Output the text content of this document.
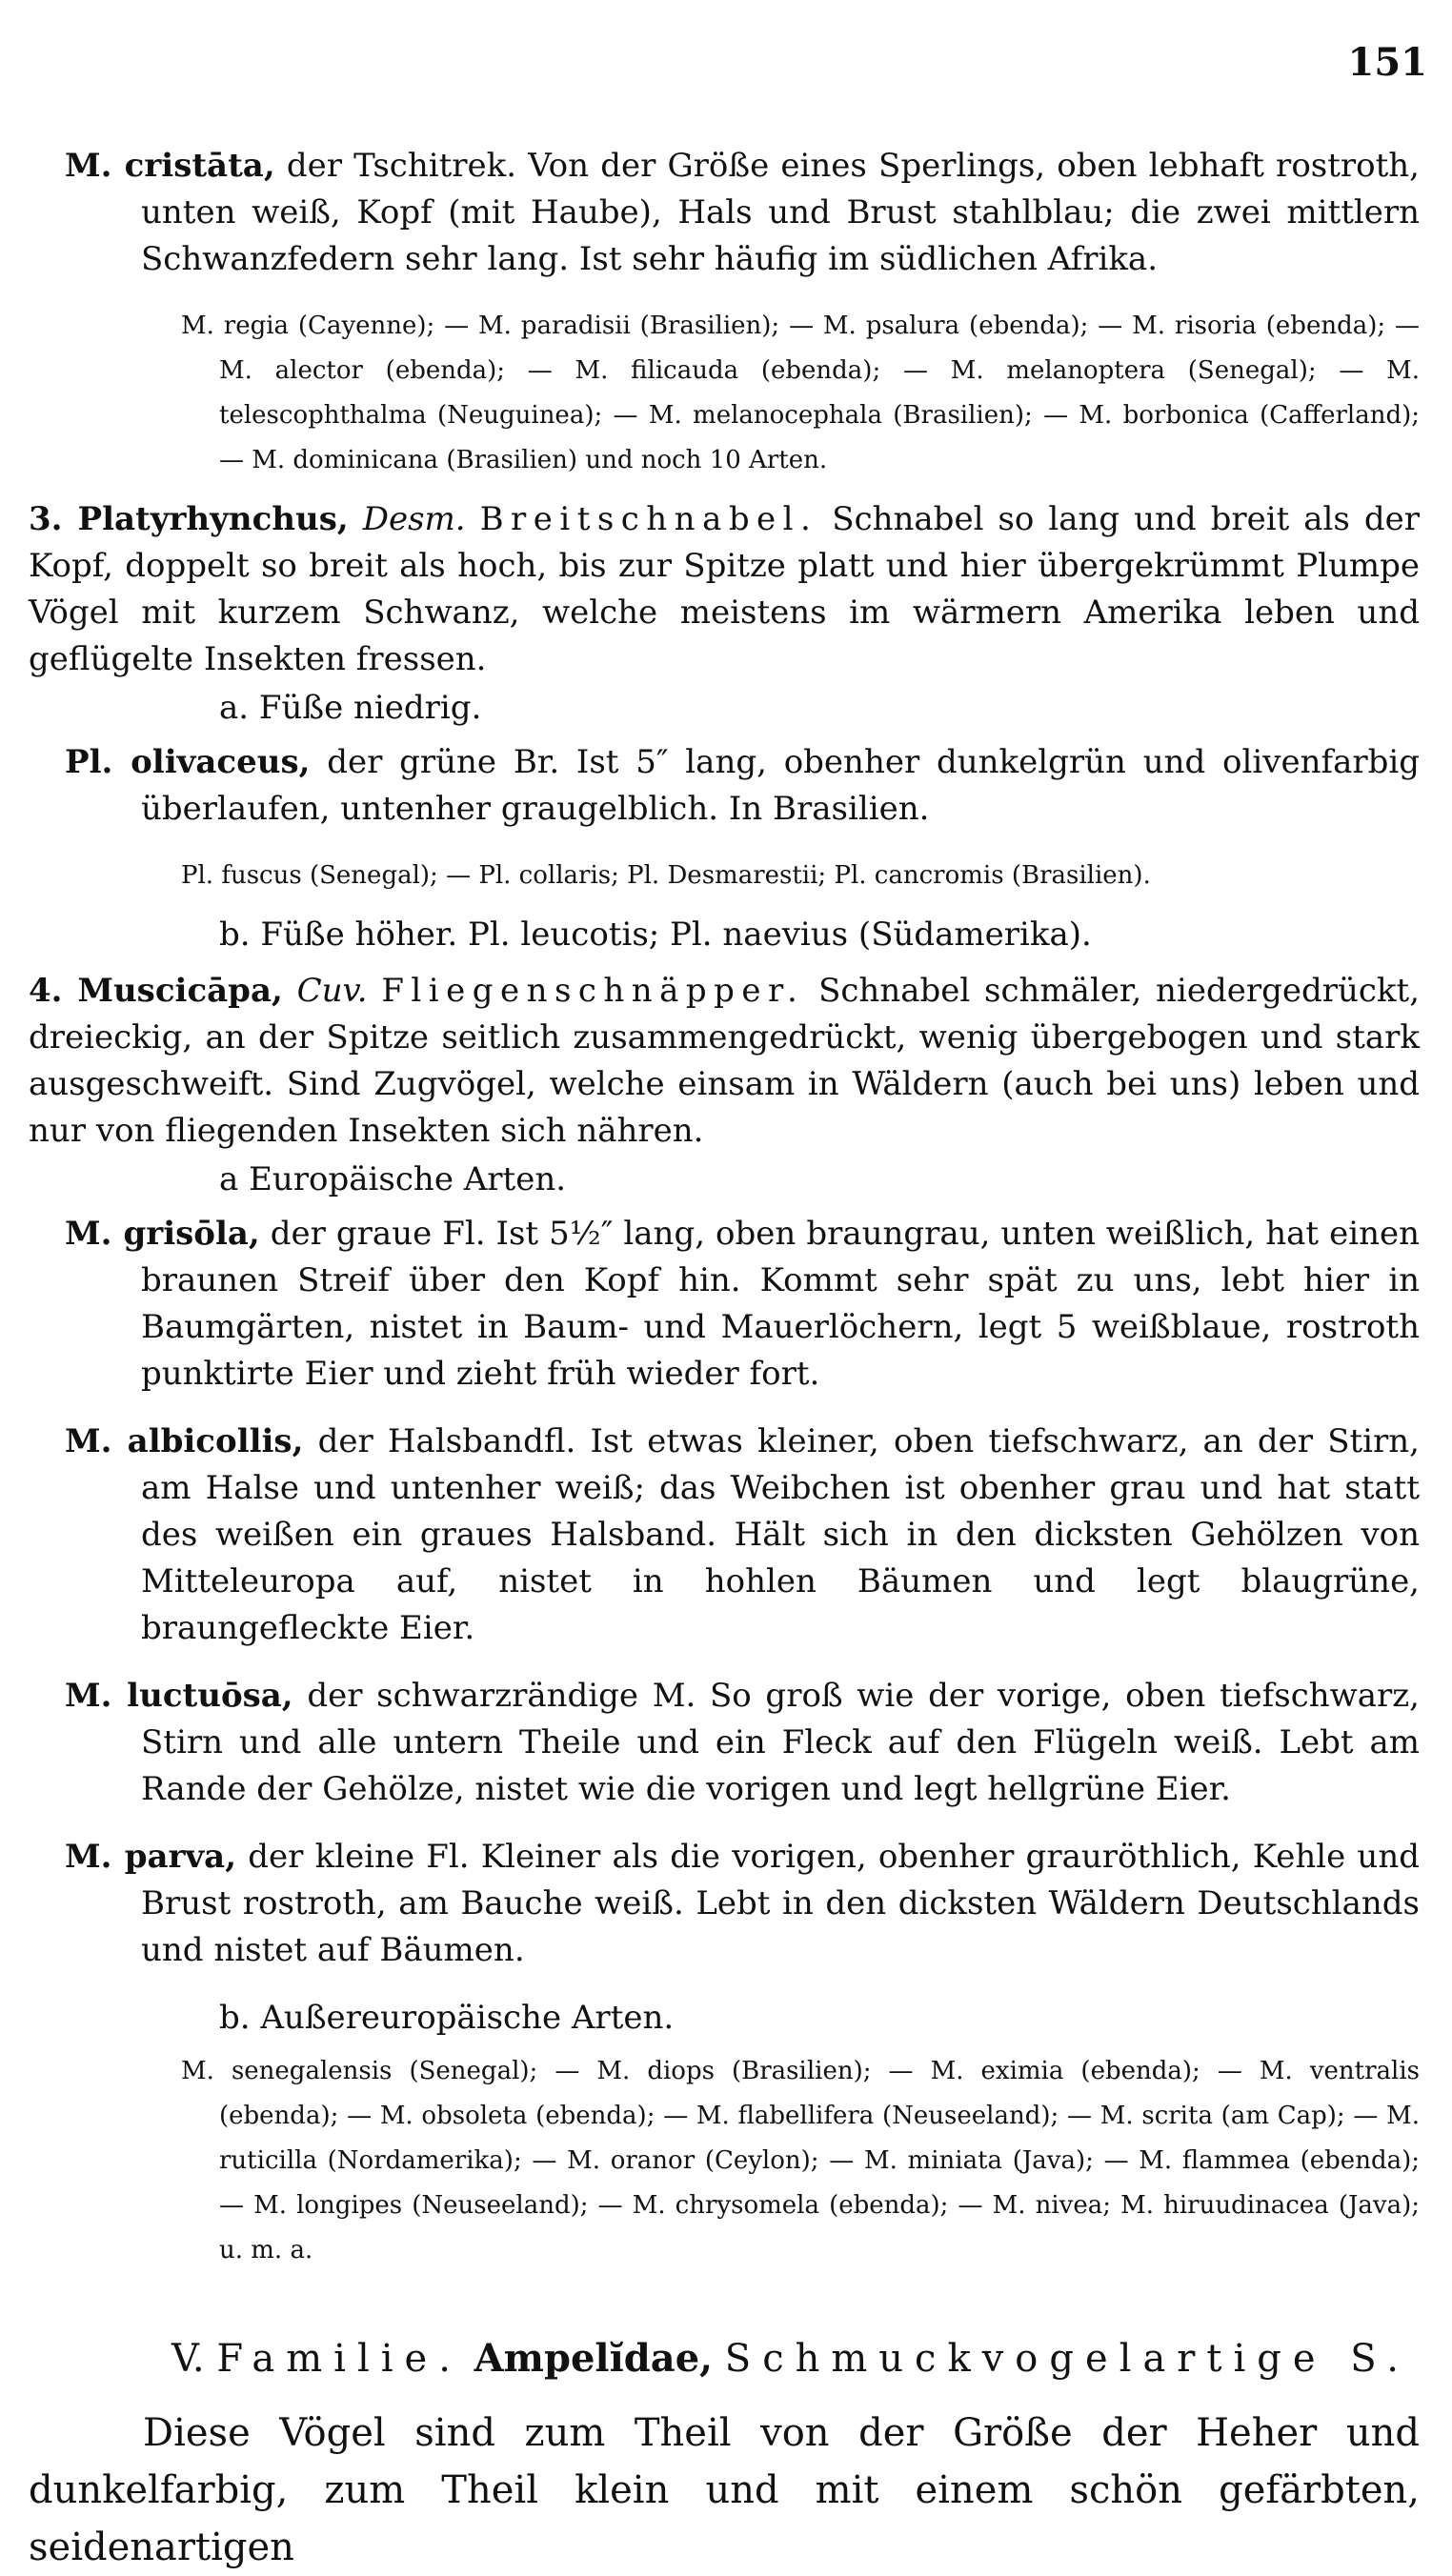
151

M. cristāta, der Tschitrek. Von der Größe eines Sperlings, oben lebhaft rostroth, unten weiß, Kopf (mit Haube), Hals und Brust stahlblau; die zwei mittlern Schwanzfedern sehr lang. Ist sehr häufig im südlichen Afrika.

M. regia (Cayenne); — M. paradisii (Brasilien); — M. psalura (ebenda); — M. risoria (ebenda); — M. alector (ebenda); — M. filicauda (ebenda); — M. melanoptera (Senegal); — M. telescophthalma (Neuguinea); — M. melanocephala (Brasilien); — M. borbonica (Cafferland); — M. dominicana (Brasilien) und noch 10 Arten.

3. Platyrhynchus, Desm. Breitschnabel. Schnabel so lang und breit als der Kopf, doppelt so breit als hoch, bis zur Spitze platt und hier übergekrümmt Plumpe Vögel mit kurzem Schwanz, welche meistens im wärmern Amerika leben und geflügelte Insekten fressen.

a. Füße niedrig.

Pl. olivaceus, der grüne Br. Ist 5″ lang, obenher dunkelgrün und olivenfarbig überlaufen, untenher graugelblich. In Brasilien.

Pl. fuscus (Senegal); — Pl. collaris; Pl. Desmarestii; Pl. cancromis (Brasilien).

b. Füße höher. Pl. leucotis; Pl. naevius (Südamerika).

4. Muscicāpa, Cuv. Fliegenschnäpper. Schnabel schmäler, niedergedrückt, dreieckig, an der Spitze seitlich zusammengedrückt, wenig übergebogen und stark ausgeschweift. Sind Zugvögel, welche einsam in Wäldern (auch bei uns) leben und nur von fliegenden Insekten sich nähren.

a Europäische Arten.

M. grisōla, der graue Fl. Ist 5½″ lang, oben braungrau, unten weißlich, hat einen braunen Streif über den Kopf hin. Kommt sehr spät zu uns, lebt hier in Baumgärten, nistet in Baum- und Mauerlöchern, legt 5 weißblaue, rostroth punktirte Eier und zieht früh wieder fort.

M. albicollis, der Halsbandfl. Ist etwas kleiner, oben tiefschwarz, an der Stirn, am Halse und untenher weiß; das Weibchen ist obenher grau und hat statt des weißen ein graues Halsband. Hält sich in den dicksten Gehölzen von Mitteleuropa auf, nistet in hohlen Bäumen und legt blaugrüne, braungefleckte Eier.

M. luctuōsa, der schwarzrändige M. So groß wie der vorige, oben tiefschwarz, Stirn und alle untern Theile und ein Fleck auf den Flügeln weiß. Lebt am Rande der Gehölze, nistet wie die vorigen und legt hellgrüne Eier.

M. parva, der kleine Fl. Kleiner als die vorigen, obenher grauröthlich, Kehle und Brust rostroth, am Bauche weiß. Lebt in den dicksten Wäldern Deutschlands und nistet auf Bäumen.

b. Außereuropäische Arten.

M. senegalensis (Senegal); — M. diops (Brasilien); — M. eximia (ebenda); — M. ventralis (ebenda); — M. obsoleta (ebenda); — M. flabellifera (Neuseeland); — M. scrita (am Cap); — M. ruticilla (Nordamerika); — M. oranor (Ceylon); — M. miniata (Java); — M. flammea (ebenda); — M. longipes (Neuseeland); — M. chrysomela (ebenda); — M. nivea; M. hiruudinacea (Java); u. m. a.

V. Familie. Ampelĭdae, Schmuckvogelartige S.

Diese Vögel sind zum Theil von der Größe der Heher und dunkelfarbig, zum Theil klein und mit einem schön gefärbten, seidenartigen
